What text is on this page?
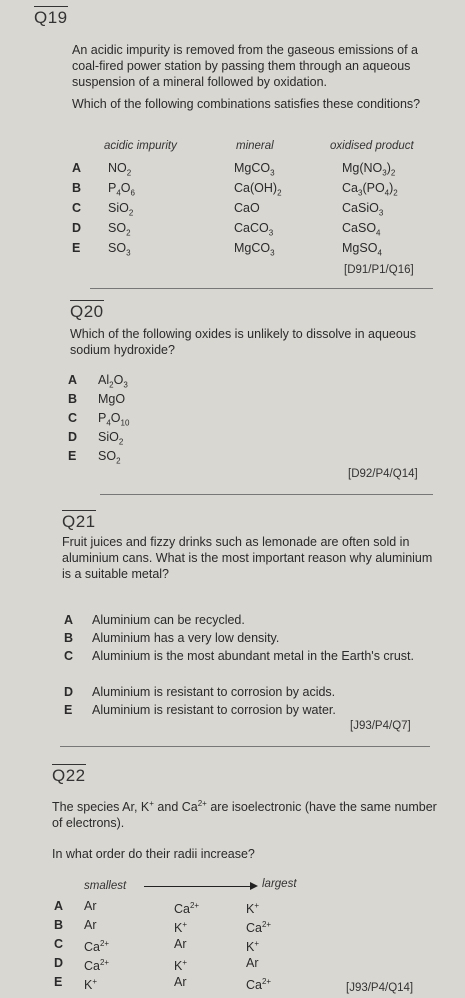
Q19
An acidic impurity is removed from the gaseous emissions of a coal-fired power station by passing them through an aqueous suspension of a mineral followed by oxidation.
Which of the following combinations satisfies these conditions?
acidic impurity	mineral	oxidised product
A $NO_2$	MgCO$_3$	$Mg(NO_3)_2$
B $P_4O_6$	$Ca(OH)_2$	$Ca_3(PO_4)_2$
C SiO$_2$	CaO	CaSiO$_3$
D $SO_2$	CaCO$_3$	CaSO$_4$
E $SO_3$	MgCO$_3$	MgSO$_4$
[D91/P1/Q16]
Q20
Which of the following oxides is unlikely to dissolve in aqueous sodium hydroxide?
A $Al_2O_3$
B MgO
C $P_4O_{10}$
D SiO$_2$
E $SO_2$
[D92/P4/Q14]
Q21
Fruit juices and fizzy drinks such as lemonade are often sold in aluminium cans. What is the most important reason why aluminium is a suitable metal?
A Aluminium can be recycled.
B Aluminium has a very low density.
C Aluminium is the most abundant metal in the Earth's crust.
D Aluminium is resistant to corrosion by acids.
E Aluminium is resistant to corrosion by water.
[J93/P4/Q7]
Q22
The species Ar, K+ and $Ca^{2+}$ are isoelectronic (have the same number of electrons).
In what order do their radii increase?
smallest	largest
A Ar	$Ca^{2+}$	K+
B Ar	K+	$Ca^{2+}$
C $Ca^{2+}$	Ar	K+
D $Ca^{2+}$	K+	Ar
E K+	Ar	$Ca^{2+}$
[J93/P4/Q14]
